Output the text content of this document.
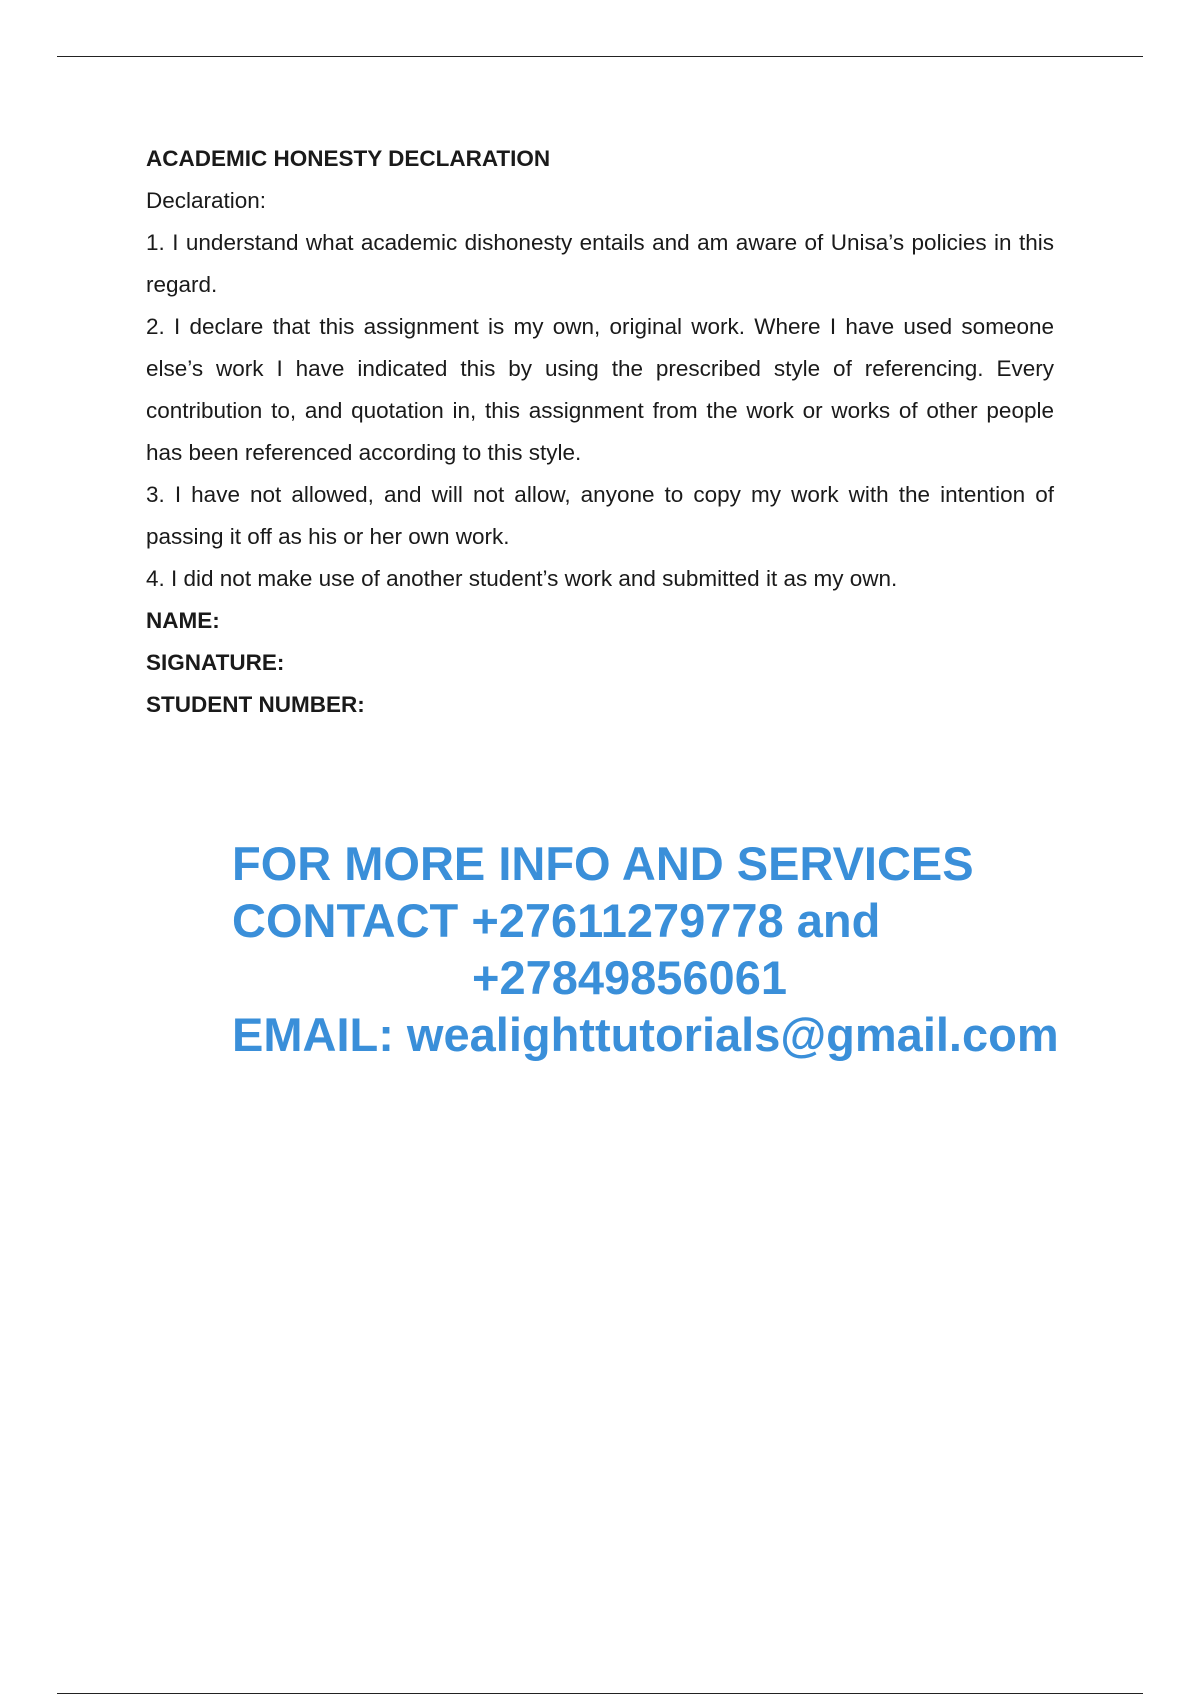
ACADEMIC HONESTY DECLARATION

Declaration:

1. I understand what academic dishonesty entails and am aware of Unisa’s policies in this regard.

2. I declare that this assignment is my own, original work. Where I have used someone else’s work I have indicated this by using the prescribed style of referencing. Every contribution to, and quotation in, this assignment from the work or works of other people has been referenced according to this style.

3. I have not allowed, and will not allow, anyone to copy my work with the intention of passing it off as his or her own work.

4. I did not make use of another student’s work and submitted it as my own.

NAME:

SIGNATURE:

STUDENT NUMBER:

FOR MORE INFO AND SERVICES
CONTACT +27611279778 and
+27849856061
EMAIL: wealighttutorials@gmail.com
